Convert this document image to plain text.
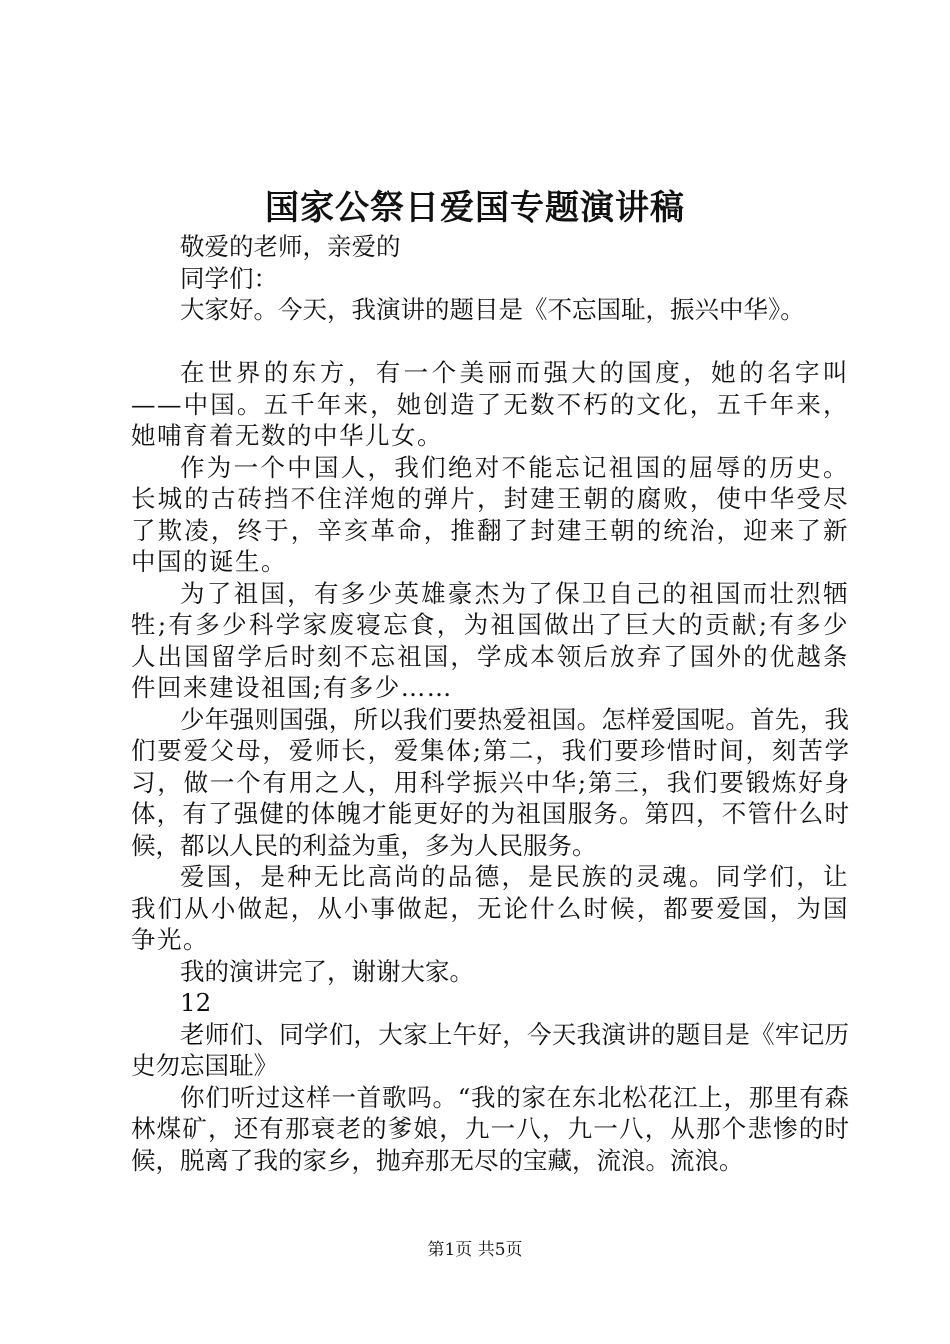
国家公祭日爱国专题演讲稿

敬爱的老师，亲爱的

同学们：

大家好。今天，我演讲的题目是《不忘国耻，振兴中华》。

在世界的东方，有一个美丽而强大的国度，她的名字叫——中国。五千年来，她创造了无数不朽的文化，五千年来，她哺育着无数的中华儿女。

作为一个中国人，我们绝对不能忘记祖国的屈辱的历史。长城的古砖挡不住洋炮的弹片，封建王朝的腐败，使中华受尽了欺凌，终于，辛亥革命，推翻了封建王朝的统治，迎来了新中国的诞生。

为了祖国，有多少英雄豪杰为了保卫自己的祖国而壮烈牺牲;有多少科学家废寝忘食，为祖国做出了巨大的贡献;有多少人出国留学后时刻不忘祖国，学成本领后放弃了国外的优越条件回来建设祖国;有多少……

少年强则国强，所以我们要热爱祖国。怎样爱国呢。首先，我们要爱父母，爱师长，爱集体;第二，我们要珍惜时间，刻苦学习，做一个有用之人，用科学振兴中华;第三，我们要锻炼好身体，有了强健的体魄才能更好的为祖国服务。第四，不管什么时候，都以人民的利益为重，多为人民服务。

爱国，是种无比高尚的品德，是民族的灵魂。同学们，让我们从小做起，从小事做起，无论什么时候，都要爱国，为国争光。

我的演讲完了，谢谢大家。

12

老师们、同学们，大家上午好，今天我演讲的题目是《牢记历史勿忘国耻》

你们听过这样一首歌吗。“我的家在东北松花江上，那里有森林煤矿，还有那衰老的爹娘，九一八，九一八，从那个悲惨的时候，脱离了我的家乡，抛弃那无尽的宝藏，流浪。流浪。

第1页 共5页
